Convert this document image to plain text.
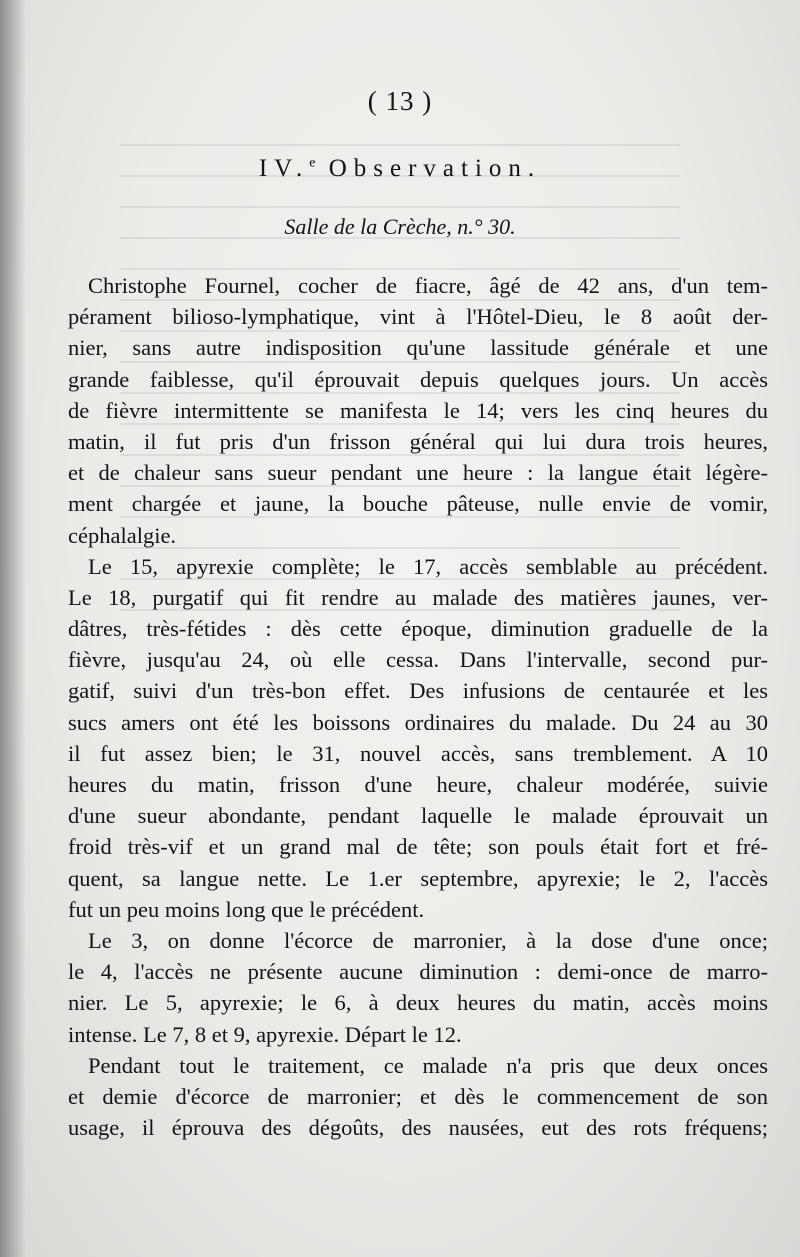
( 13 )
IV.$^e$ Observation.
Salle de la Crèche, n.° 30.
Christophe Fournel, cocher de fiacre, âgé de 42 ans, d'un tem-
pérament bilioso-lymphatique, vint à l'Hôtel-Dieu, le 8 août der-
nier, sans autre indisposition qu'une lassitude générale et une
grande faiblesse, qu'il éprouvait depuis quelques jours. Un accès
de fièvre intermittente se manifesta le 14; vers les cinq heures du
matin, il fut pris d'un frisson général qui lui dura trois heures,
et de chaleur sans sueur pendant une heure : la langue était légère-
ment chargée et jaune, la bouche pâteuse, nulle envie de vomir,
céphalalgie.
Le 15, apyrexie complète; le 17, accès semblable au précédent.
Le 18, purgatif qui fit rendre au malade des matières jaunes, ver-
dâtres, très-fétides : dès cette époque, diminution graduelle de la
fièvre, jusqu'au 24, où elle cessa. Dans l'intervalle, second pur-
gatif, suivi d'un très-bon effet. Des infusions de centaurée et les
sucs amers ont été les boissons ordinaires du malade. Du 24 au 30
il fut assez bien; le 31, nouvel accès, sans tremblement. A 10
heures du matin, frisson d'une heure, chaleur modérée, suivie
d'une sueur abondante, pendant laquelle le malade éprouvait un
froid très-vif et un grand mal de tête; son pouls était fort et fré-
quent, sa langue nette. Le 1.er septembre, apyrexie; le 2, l'accès
fut un peu moins long que le précédent.
Le 3, on donne l'écorce de marronier, à la dose d'une once;
le 4, l'accès ne présente aucune diminution : demi-once de marro-
nier. Le 5, apyrexie; le 6, à deux heures du matin, accès moins
intense. Le 7, 8 et 9, apyrexie. Départ le 12.
Pendant tout le traitement, ce malade n'a pris que deux onces
et demie d'écorce de marronier; et dès le commencement de son
usage, il éprouva des dégoûts, des nausées, eut des rots fréquens;
